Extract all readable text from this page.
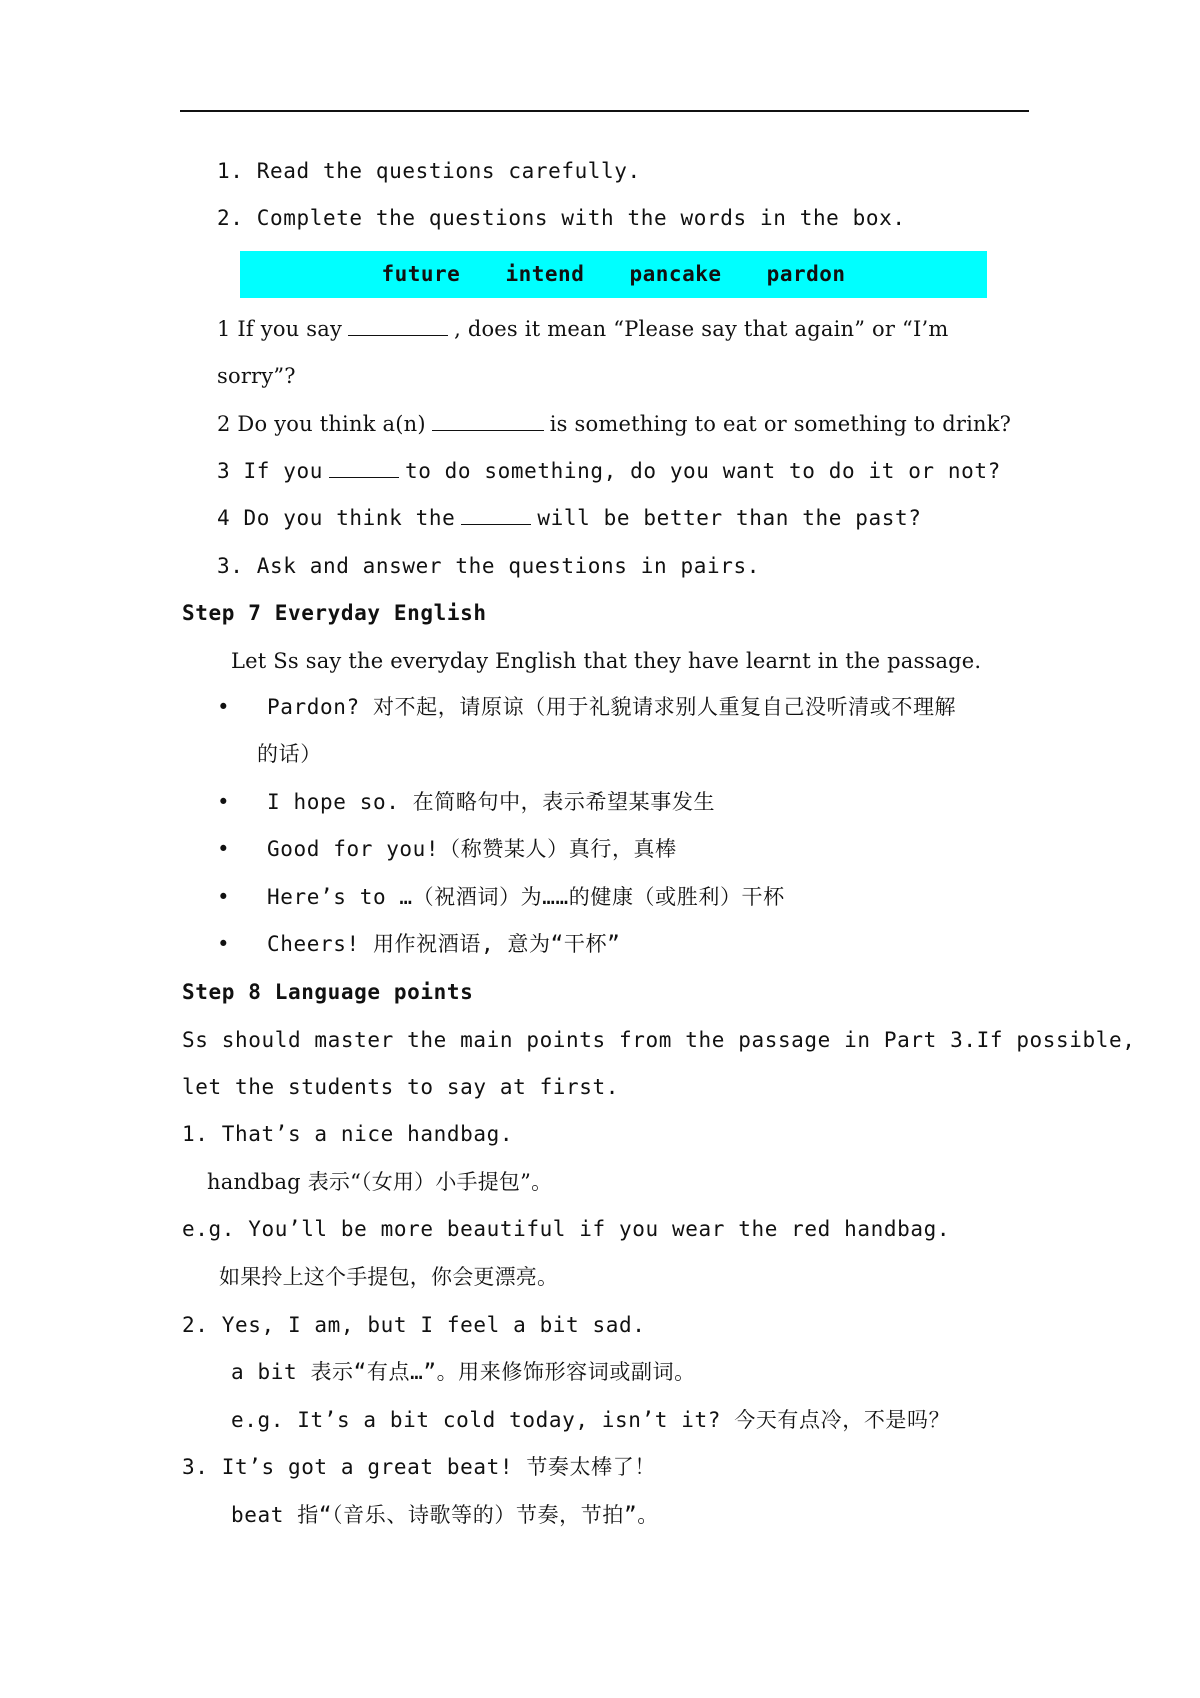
1. Read the questions carefully.
2. Complete the questions with the words in the box.
future intend pancake pardon
1 If you say	, does it mean “Please say that again” or “I’m
sorry”?
2 Do you think a(n)	is something to eat or something to drink?
3 If you	to do something, do you want to do it or not?
4 Do you think the	will be better than the past?
3. Ask and answer the questions in pairs.
Step 7 Everyday English
Let Ss say the everyday English that they have learnt in the passage.
• Pardon? 对不起，请原谅（用于礼貌请求别人重复自己没听清或不理解
的话）
• I hope so. 在简略句中，表示希望某事发生
• Good for you!（称赞某人）真行，真棒
• Here’s to …（祝酒词）为……的健康（或胜利）干杯
• Cheers! 用作祝酒语, 意为“干杯”
Step 8 Language points
Ss should master the main points from the passage in Part 3.If possible,
let the students to say at first.
1. That’s a nice handbag.
handbag 表示“（女用）小手提包”。
e.g. You’ll be more beautiful if you wear the red handbag.
如果拎上这个手提包，你会更漂亮。
2. Yes, I am, but I feel a bit sad.
a bit 表示“有点…”。用来修饰形容词或副词。
e.g. It’s a bit cold today, isn’t it? 今天有点冷，不是吗？
3. It’s got a great beat! 节奏太棒了！
beat 指“（音乐、诗歌等的）节奏，节拍”。
